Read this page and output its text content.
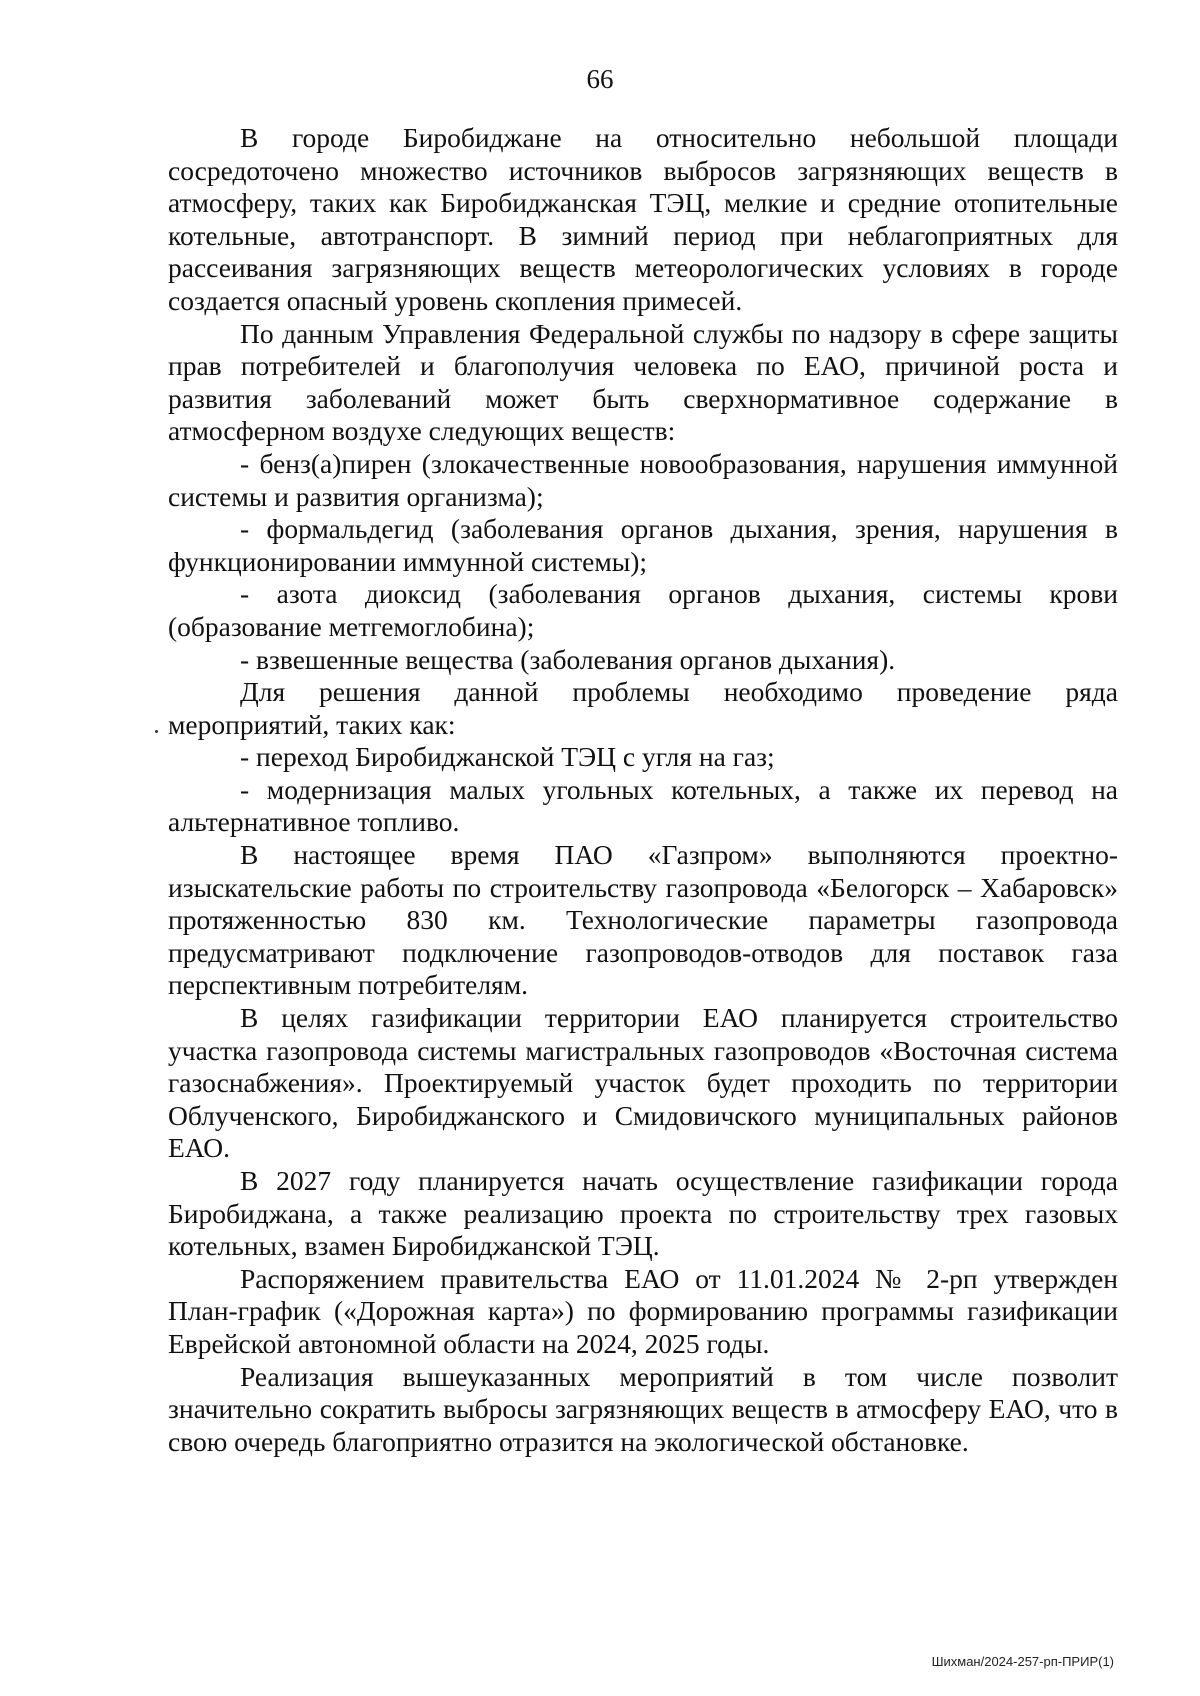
66

В городе Биробиджане на относительно небольшой площади сосредоточено множество источников выбросов загрязняющих веществ в атмосферу, таких как Биробиджанская ТЭЦ, мелкие и средние отопительные котельные, автотранспорт. В зимний период при неблагоприятных для рассеивания загрязняющих веществ метеорологических условиях в городе создается опасный уровень скопления примесей.

По данным Управления Федеральной службы по надзору в сфере защиты прав потребителей и благополучия человека по ЕАО, причиной роста и развития заболеваний может быть сверхнормативное содержание в атмосферном воздухе следующих веществ:

- бенз(а)пирен (злокачественные новообразования, нарушения иммунной системы и развития организма);

- формальдегид (заболевания органов дыхания, зрения, нарушения в функционировании иммунной системы);

- азота диоксид (заболевания органов дыхания, системы крови (образование метгемоглобина);

- взвешенные вещества (заболевания органов дыхания).

Для решения данной проблемы необходимо проведение ряда мероприятий, таких как:

- переход Биробиджанской ТЭЦ с угля на газ;

- модернизация малых угольных котельных, а также их перевод на альтернативное топливо.

В настоящее время ПАО «Газпром» выполняются проектно-изыскательские работы по строительству газопровода «Белогорск – Хабаровск» протяженностью 830 км. Технологические параметры газопровода предусматривают подключение газопроводов-отводов для поставок газа перспективным потребителям.

В целях газификации территории ЕАО планируется строительство участка газопровода системы магистральных газопроводов «Восточная система газоснабжения». Проектируемый участок будет проходить по территории Облученского, Биробиджанского и Смидовичского муниципальных районов ЕАО.

В 2027 году планируется начать осуществление газификации города Биробиджана, а также реализацию проекта по строительству трех газовых котельных, взамен Биробиджанской ТЭЦ.

Распоряжением правительства ЕАО от 11.01.2024 № 2-рп утвержден План-график («Дорожная карта») по формированию программы газификации Еврейской автономной области на 2024, 2025 годы.

Реализация вышеуказанных мероприятий в том числе позволит значительно сократить выбросы загрязняющих веществ в атмосферу ЕАО, что в свою очередь благоприятно отразится на экологической обстановке.

Шихман/2024-257-рп-ПРИР(1)
